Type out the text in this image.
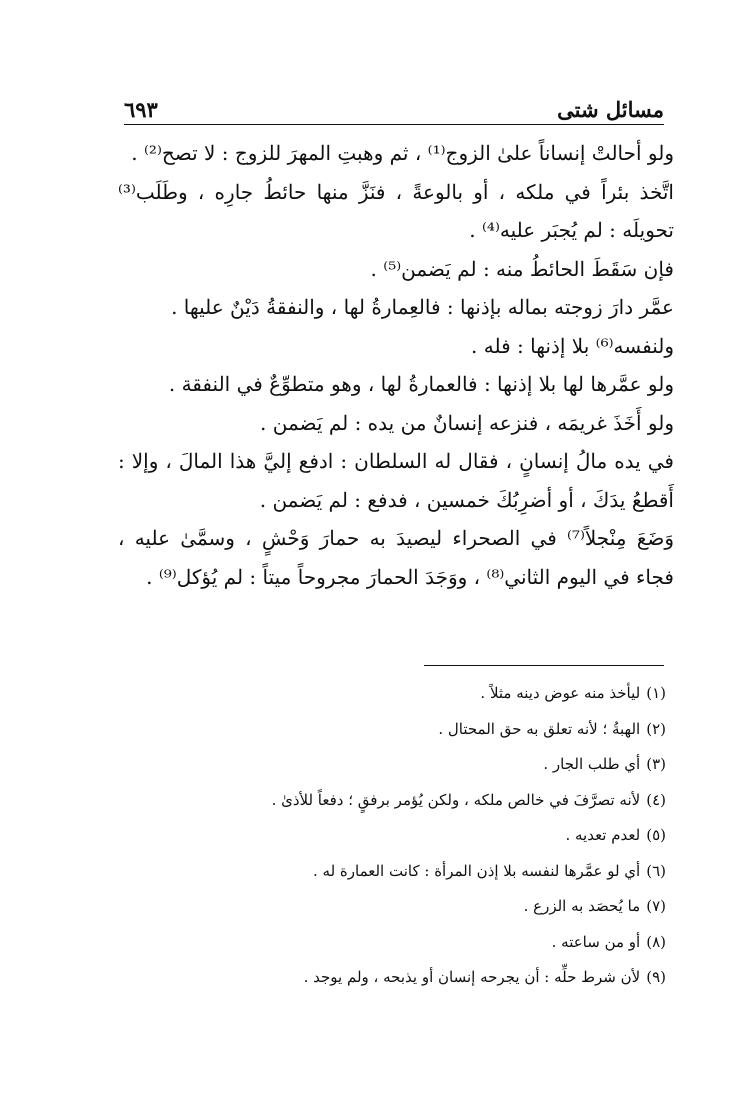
٦٩٣	مسائل شتى

ولو أحالتْ إنساناً علىٰ الزوج⁽¹⁾ ، ثم وهبتِ المهرَ للزوج : لا تصح⁽²⁾ .

اتَّخذ بئراً في ملكه ، أو بالوعةً ، فنَزَّ منها حائطُ جارِه ، وطَلَب⁽³⁾ تحويلَه : لم يُجبَر عليه⁽⁴⁾ .

فإن سَقَطَ الحائطُ منه : لم يَضمن⁽⁵⁾ .

عمَّر دارَ زوجته بماله بإذنها : فالعِمارةُ لها ، والنفقةُ دَيْنٌ عليها .

ولنفسه⁽⁶⁾ بلا إذنها : فله .

ولو عمَّرها لها بلا إذنها : فالعمارةُ لها ، وهو متطوِّعٌ في النفقة .

ولو أَخَذَ غريمَه ، فنزعه إنسانٌ من يده : لم يَضمن .

في يده مالُ إنسانٍ ، فقال له السلطان : ادفع إليَّ هذا المالَ ، وإلا : أَقطعُ يدَكَ ، أو أضرِبُكَ خمسين ، فدفع : لم يَضمن .

وَضَعَ مِنْجلاً⁽⁷⁾ في الصحراء ليصيدَ به حمارَ وَحْشٍ ، وسمَّىٰ عليه ، فجاء في اليوم الثاني⁽⁸⁾ ، ووَجَدَ الحمارَ مجروحاً ميتاً : لم يُؤكل⁽⁹⁾ .

(١)ليأخذ منه عوض دينه مثلاً .

(٢)الهبةُ ؛ لأنه تعلق به حق المحتال .

(٣)أي طلب الجار .

(٤)لأنه تصرَّفَ في خالص ملكه ، ولكن يُؤمر برفقٍ ؛ دفعاً للأذىٰ .

(٥)لعدم تعديه .

(٦)أي لو عمَّرها لنفسه بلا إذن المرأة : كانت العمارة له .

(٧)ما يُحصَد به الزرع .

(٨)أو من ساعته .

(٩)لأن شرط حلِّه : أن يجرحه إنسان أو يذبحه ، ولم يوجد .
